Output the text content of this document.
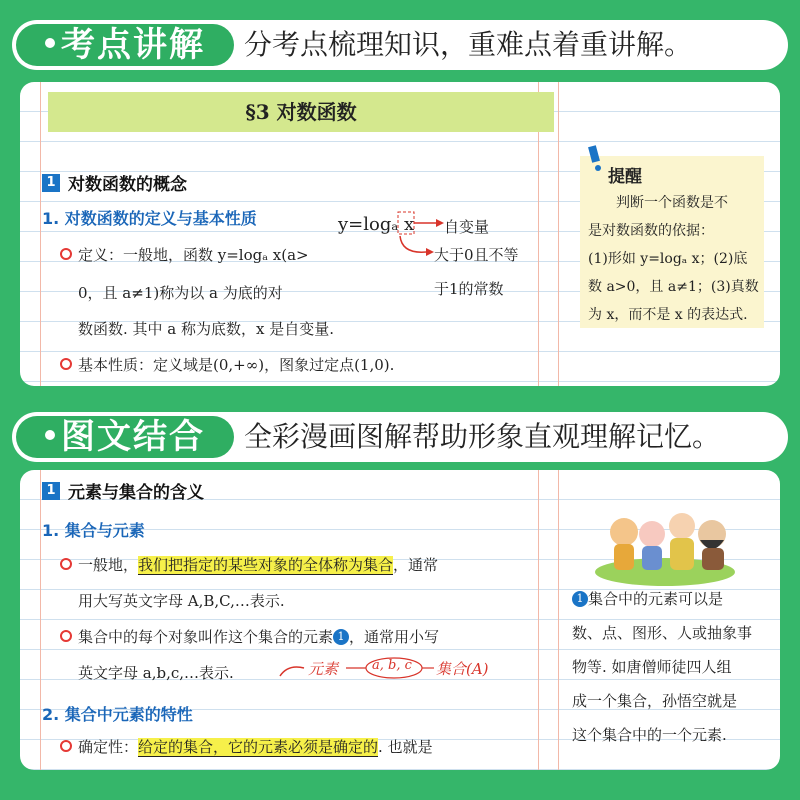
考点讲解	分考点梳理知识，重难点着重讲解。
§3 对数函数
1 对数函数的概念
1. 对数函数的定义与基本性质
定义：一般地，函数 y=logₐ x(a>
0，且 a≠1)称为以 a 为底的对
数函数. 其中 a 称为底数，x 是自变量.
基本性质：定义域是(0,+∞)，图象过定点(1,0).
y=logₐ x 自变量
大于0且不等
于1的常数
提醒
判断一个函数是不
是对数函数的依据：
(1)形如 y=logₐ x；(2)底
数 a>0，且 a≠1；(3)真数
为 x，而不是 x 的表达式.
图文结合	全彩漫画图解帮助形象直观理解记忆。
1 元素与集合的含义
1. 集合与元素
一般地，我们把指定的某些对象的全体称为集合，通常
用大写英文字母 A,B,C,…表示.
集合中的每个对象叫作这个集合的元素 1 ，通常用小写
英文字母 a,b,c,…表示.	元素	a, b, c 集合(A)
2. 集合中元素的特性
确定性：给定的集合，它的元素必须是确定的. 也就是
1 集合中的元素可以是
数、点、图形、人或抽象事
物等. 如唐僧师徒四人组
成一个集合，孙悟空就是
这个集合中的一个元素.
